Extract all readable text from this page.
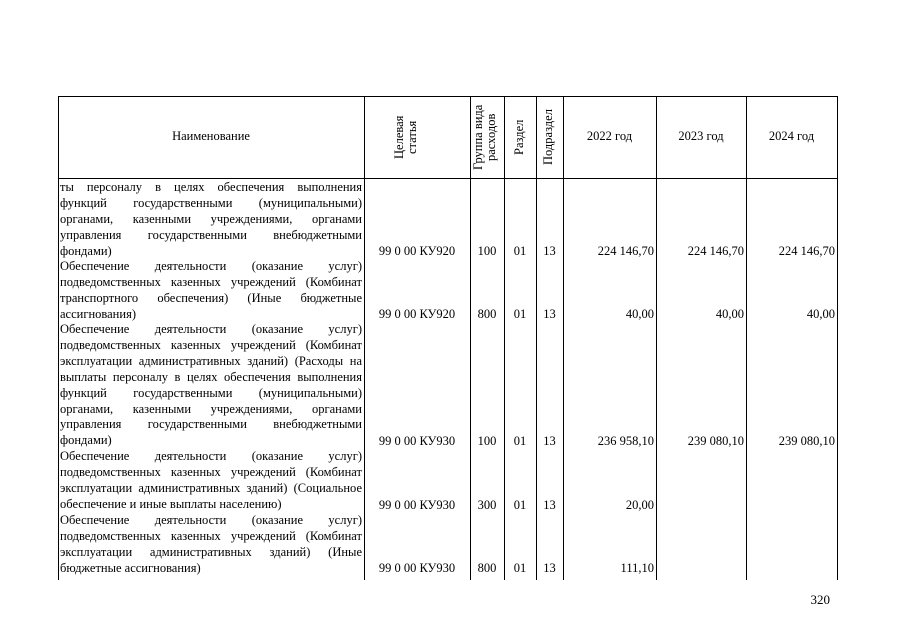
Наименование	Целевая статья	Группа вида расходов	Раздел Подраздел	2022 год	2023 год	2024 год
ты персоналу в целях обеспечения выполнения функций государственными (муниципальными) органами, казенными учреждениями, органами управления государственными внебюджетными фондами)	99 0 00 КУ920	100	01	13	224 146,70	224 146,70	224 146,70
Обеспечение деятельности (оказание услуг) подведомственных казенных учреждений (Комбинат транспортного обеспечения) (Иные бюджетные ассигнования)	99 0 00 КУ920	800	01	13	40,00	40,00	40,00
Обеспечение деятельности (оказание услуг) подведомственных казенных учреждений (Комбинат эксплуатации административных зданий) (Расходы на выплаты персоналу в целях обеспечения выполнения функций государственными (муниципальными) органами, казенными учреждениями, органами управления государственными внебюджетными фондами)	99 0 00 КУ930	100	01	13	236 958,10	239 080,10	239 080,10
Обеспечение деятельности (оказание услуг) подведомственных казенных учреждений (Комбинат эксплуатации административных зданий) (Социальное обеспечение и иные выплаты населению)	99 0 00 КУ930	300	01	13	20,00
Обеспечение деятельности (оказание услуг) подведомственных казенных учреждений (Комбинат эксплуатации административных зданий) (Иные бюджетные ассигнования)	99 0 00 КУ930	800	01	13	111,10
320
